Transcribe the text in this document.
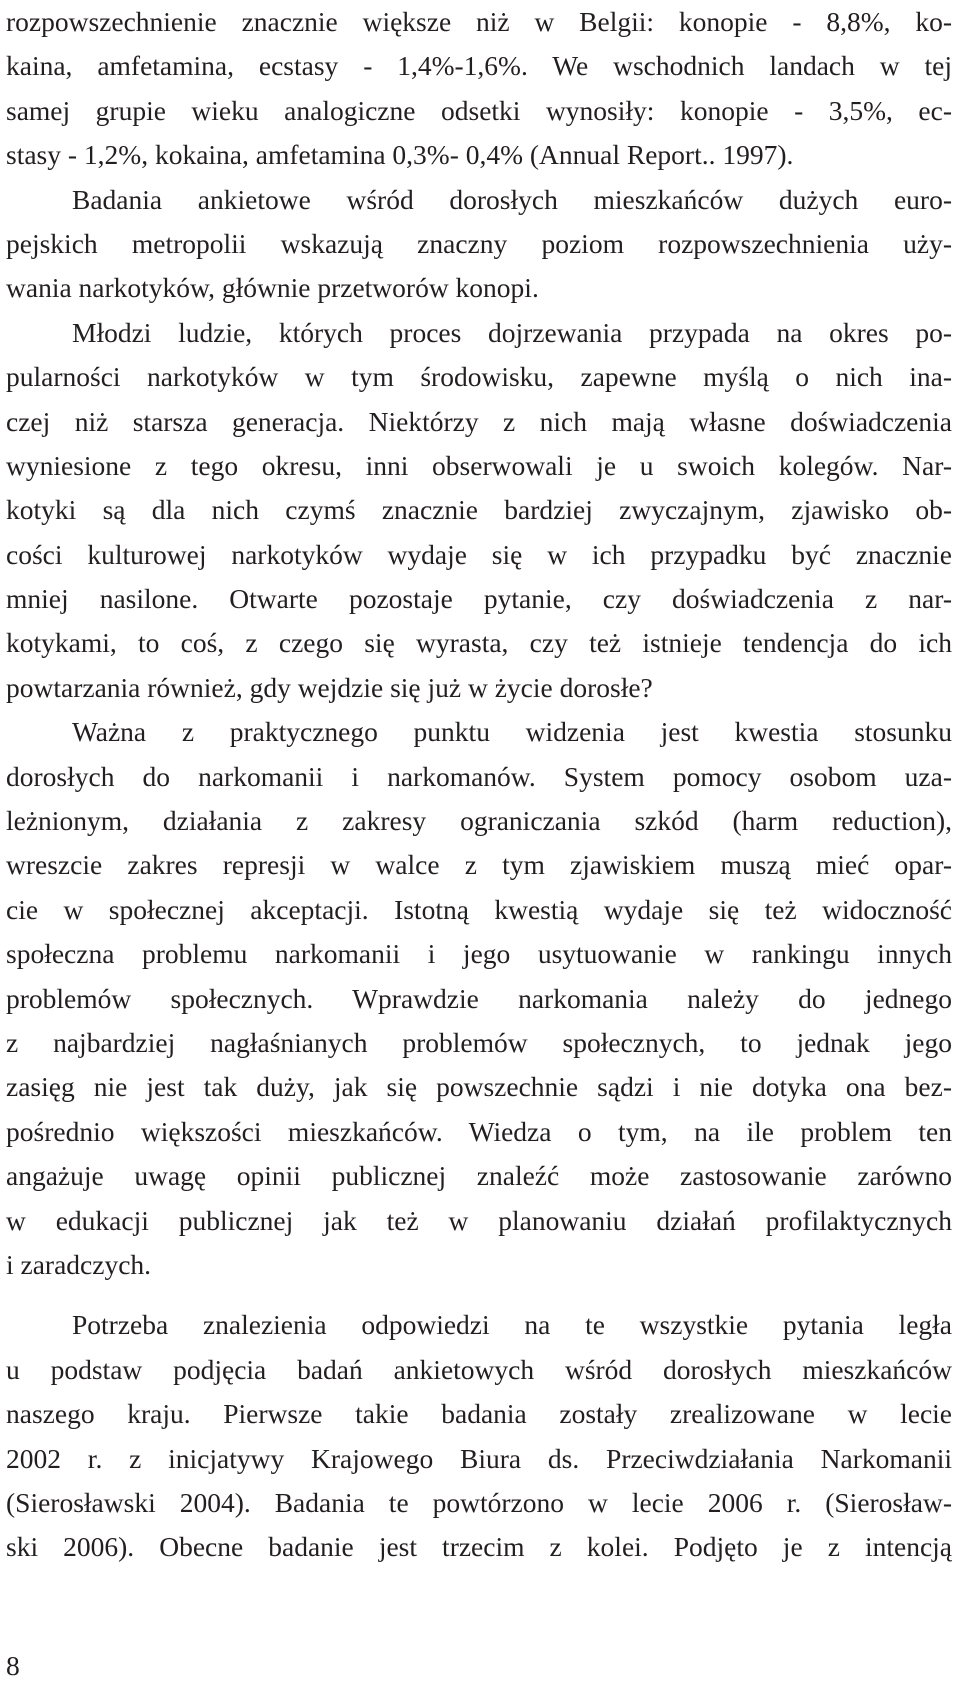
rozpowszechnienie znacznie większe niż w Belgii: konopie - 8,8%, ko-
kaina, amfetamina, ecstasy - 1,4%-1,6%. We wschodnich landach w tej
samej grupie wieku analogiczne odsetki wynosiły: konopie - 3,5%, ec-
stasy - 1,2%, kokaina, amfetamina 0,3%- 0,4% (Annual Report.. 1997).
Badania ankietowe wśród dorosłych mieszkańców dużych euro-
pejskich metropolii wskazują znaczny poziom rozpowszechnienia uży-
wania narkotyków, głównie przetworów konopi.
Młodzi ludzie, których proces dojrzewania przypada na okres po-
pularności narkotyków w tym środowisku, zapewne myślą o nich ina-
czej niż starsza generacja. Niektórzy z nich mają własne doświadczenia
wyniesione z tego okresu, inni obserwowali je u swoich kolegów. Nar-
kotyki są dla nich czymś znacznie bardziej zwyczajnym, zjawisko ob-
cości kulturowej narkotyków wydaje się w ich przypadku być znacznie
mniej nasilone. Otwarte pozostaje pytanie, czy doświadczenia z nar-
kotykami, to coś, z czego się wyrasta, czy też istnieje tendencja do ich
powtarzania również, gdy wejdzie się już w życie dorosłe?
Ważna z praktycznego punktu widzenia jest kwestia stosunku
dorosłych do narkomanii i narkomanów. System pomocy osobom uza-
leżnionym, działania z zakresy ograniczania szkód (harm reduction),
wreszcie zakres represji w walce z tym zjawiskiem muszą mieć opar-
cie w społecznej akceptacji. Istotną kwestią wydaje się też widoczność
społeczna problemu narkomanii i jego usytuowanie w rankingu innych
problemów społecznych. Wprawdzie narkomania należy do jednego
z najbardziej nagłaśnianych problemów społecznych, to jednak jego
zasięg nie jest tak duży, jak się powszechnie sądzi i nie dotyka ona bez-
pośrednio większości mieszkańców. Wiedza o tym, na ile problem ten
angażuje uwagę opinii publicznej znaleźć może zastosowanie zarówno
w edukacji publicznej jak też w planowaniu działań profilaktycznych
i zaradczych.
Potrzeba znalezienia odpowiedzi na te wszystkie pytania legła
u podstaw podjęcia badań ankietowych wśród dorosłych mieszkańców
naszego kraju. Pierwsze takie badania zostały zrealizowane w lecie
2002 r. z inicjatywy Krajowego Biura ds. Przeciwdziałania Narkomanii
(Sierosławski 2004). Badania te powtórzono w lecie 2006 r. (Sierosław-
ski 2006). Obecne badanie jest trzecim z kolei. Podjęto je z intencją
8
